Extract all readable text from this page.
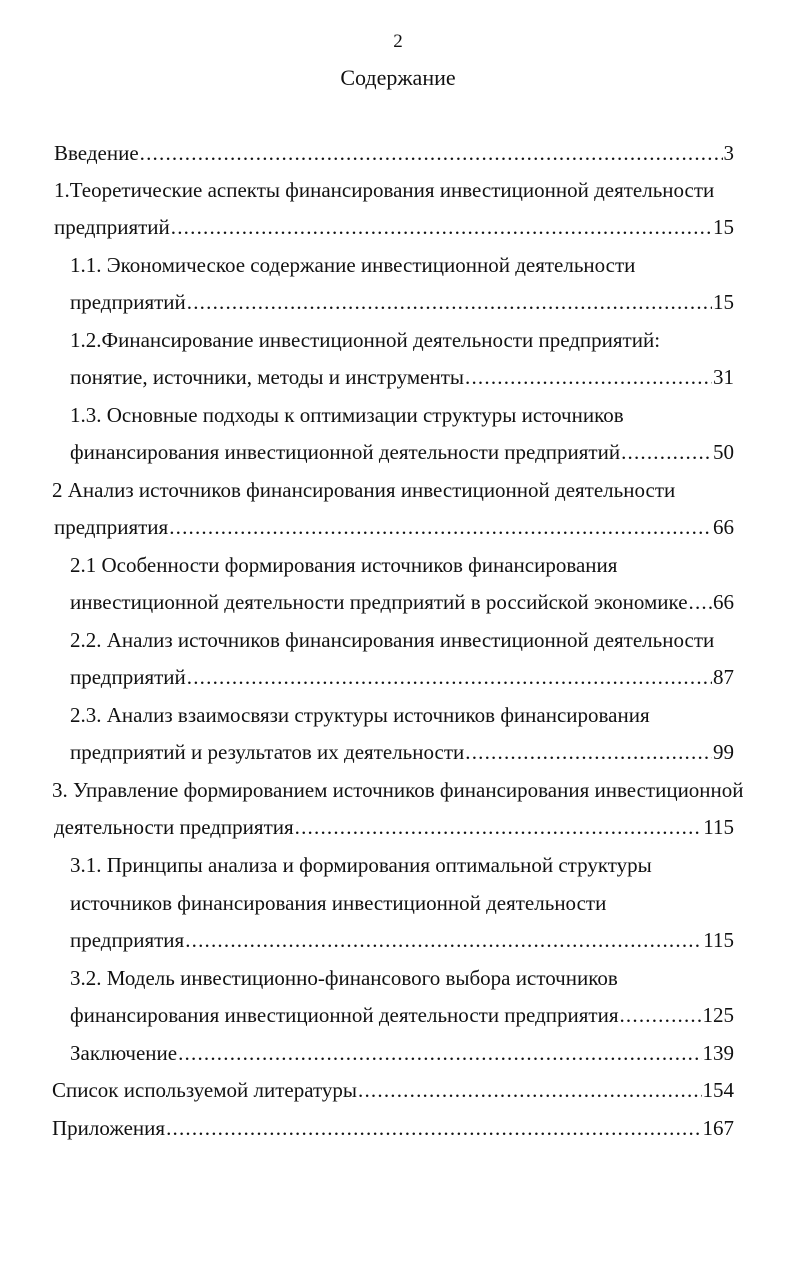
2
Содержание
Введение .....	3
1.Теоретические аспекты финансирования инвестиционной деятельности
предприятий .....	15
1.1. Экономическое содержание инвестиционной деятельности
предприятий .....	15
1.2.Финансирование инвестиционной деятельности предприятий:
понятие, источники, методы и инструменты .....	31
1.3. Основные подходы к оптимизации структуры источников
финансирования инвестиционной деятельности предприятий .....	50
2 Анализ источников финансирования инвестиционной деятельности
предприятия .....	66
2.1 Особенности формирования источников финансирования
инвестиционной деятельности предприятий в российской экономике ..... 66
2.2. Анализ источников финансирования инвестиционной деятельности
предприятий .....	87
2.3. Анализ взаимосвязи структуры источников финансирования
предприятий и результатов их деятельности .....	99
3. Управление формированием источников финансирования инвестиционной
деятельности предприятия .....	115
3.1. Принципы анализа и формирования оптимальной структуры
источников финансирования инвестиционной деятельности
предприятия .....	115
3.2. Модель инвестиционно-финансового выбора источников
финансирования инвестиционной деятельности предприятия .....	125
Заключение .....	139
Список используемой литературы .....	154
Приложения .....	167
